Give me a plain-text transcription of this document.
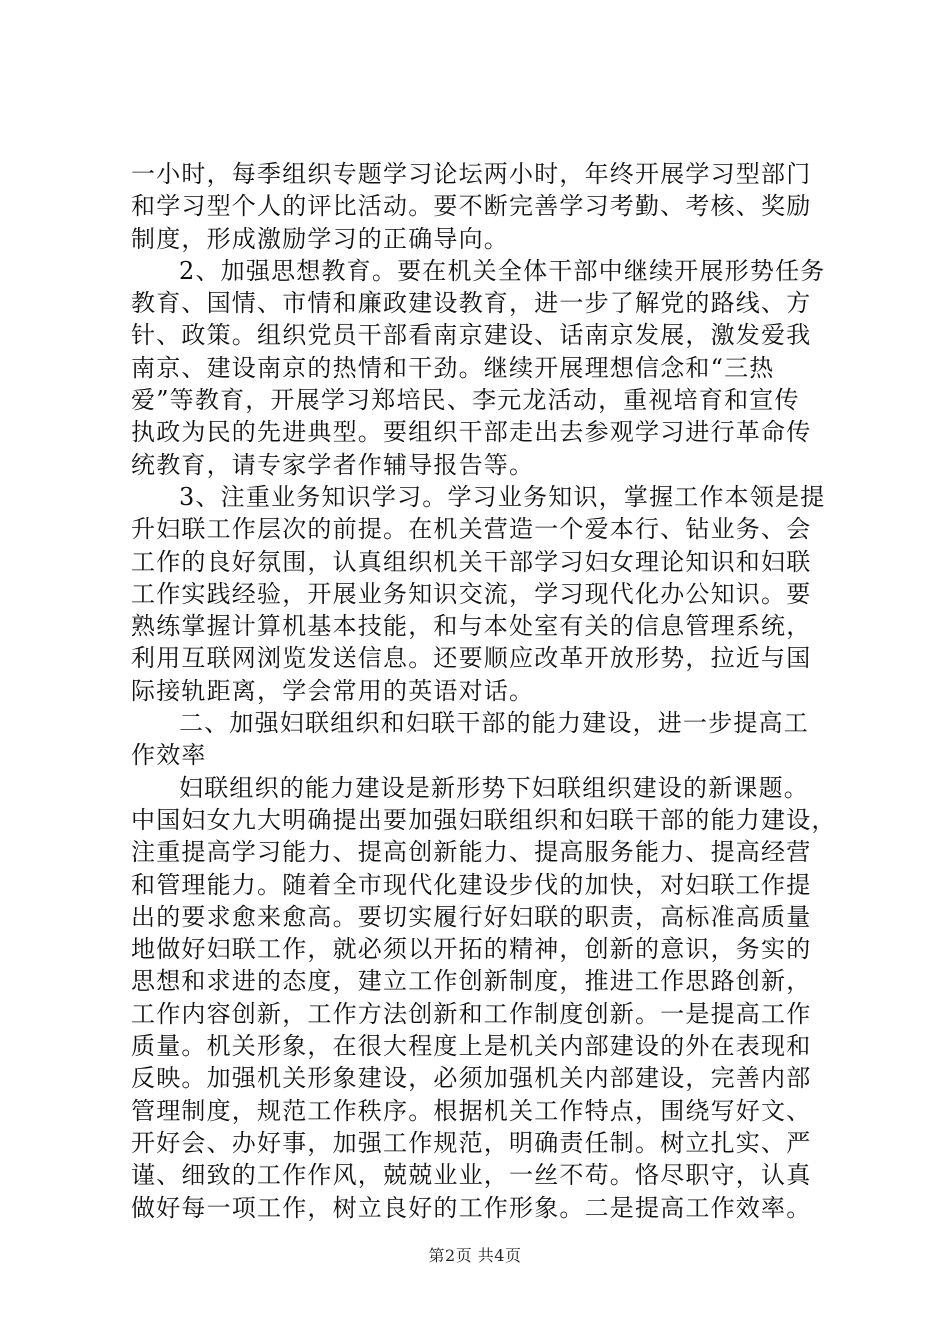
一小时，每季组织专题学习论坛两小时，年终开展学习型部门
和学习型个人的评比活动。要不断完善学习考勤、考核、奖励
制度，形成激励学习的正确导向。
2、加强思想教育。要在机关全体干部中继续开展形势任务
教育、国情、市情和廉政建设教育，进一步了解党的路线、方
针、政策。组织党员干部看南京建设、话南京发展，激发爱我
南京、建设南京的热情和干劲。继续开展理想信念和“三热
爱”等教育，开展学习郑培民、李元龙活动，重视培育和宣传
执政为民的先进典型。要组织干部走出去参观学习进行革命传
统教育，请专家学者作辅导报告等。
3、注重业务知识学习。学习业务知识，掌握工作本领是提
升妇联工作层次的前提。在机关营造一个爱本行、钻业务、会
工作的良好氛围，认真组织机关干部学习妇女理论知识和妇联
工作实践经验，开展业务知识交流，学习现代化办公知识。要
熟练掌握计算机基本技能，和与本处室有关的信息管理系统，
利用互联网浏览发送信息。还要顺应改革开放形势，拉近与国
际接轨距离，学会常用的英语对话。
二、加强妇联组织和妇联干部的能力建设，进一步提高工
作效率
妇联组织的能力建设是新形势下妇联组织建设的新课题。
中国妇女九大明确提出要加强妇联组织和妇联干部的能力建设，
注重提高学习能力、提高创新能力、提高服务能力、提高经营
和管理能力。随着全市现代化建设步伐的加快，对妇联工作提
出的要求愈来愈高。要切实履行好妇联的职责，高标准高质量
地做好妇联工作，就必须以开拓的精神，创新的意识，务实的
思想和求进的态度，建立工作创新制度，推进工作思路创新，
工作内容创新，工作方法创新和工作制度创新。一是提高工作
质量。机关形象，在很大程度上是机关内部建设的外在表现和
反映。加强机关形象建设，必须加强机关内部建设，完善内部
管理制度，规范工作秩序。根据机关工作特点，围绕写好文、
开好会、办好事，加强工作规范，明确责任制。树立扎实、严
谨、细致的工作作风，兢兢业业，一丝不苟。恪尽职守，认真
做好每一项工作，树立良好的工作形象。二是提高工作效率。
第2页 共4页
